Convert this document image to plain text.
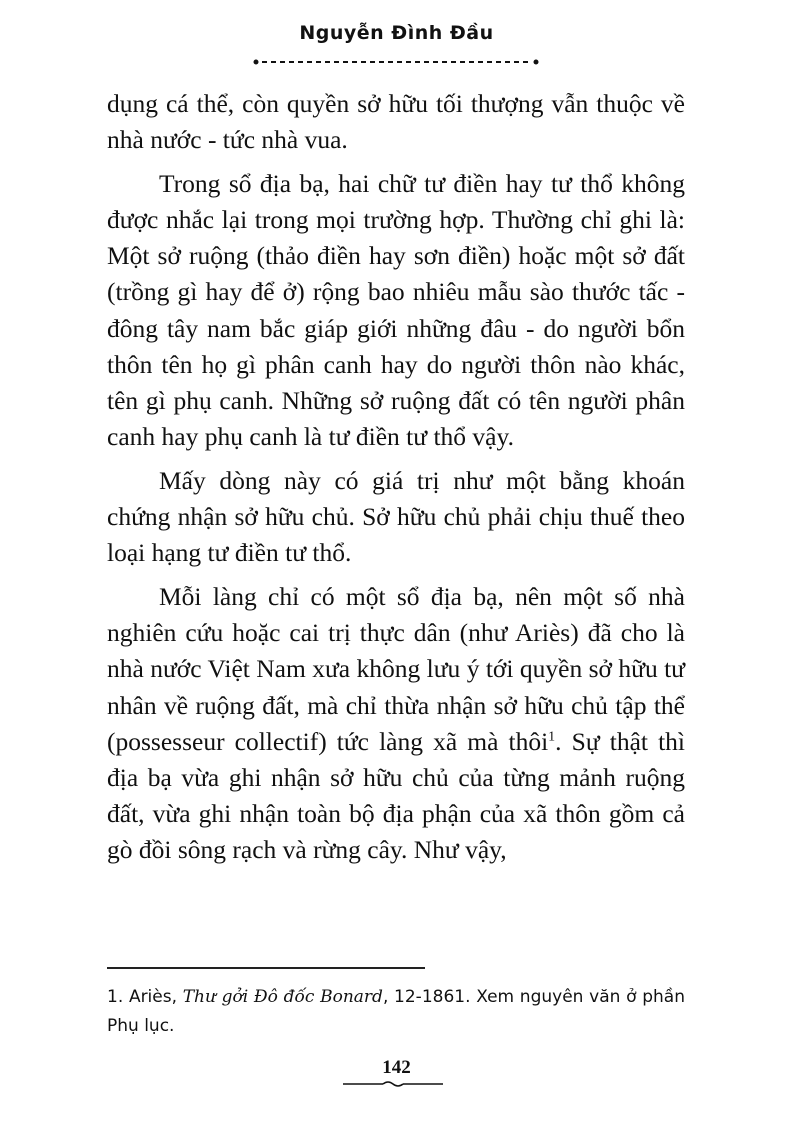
Nguyễn Đình Đầu

dụng cá thể, còn quyền sở hữu tối thượng vẫn thuộc về nhà nước - tức nhà vua.

Trong sổ địa bạ, hai chữ tư điền hay tư thổ không được nhắc lại trong mọi trường hợp. Thường chỉ ghi là: Một sở ruộng (thảo điền hay sơn điền) hoặc một sở đất (trồng gì hay để ở) rộng bao nhiêu mẫu sào thước tấc - đông tây nam bắc giáp giới những đâu - do người bổn thôn tên họ gì phân canh hay do người thôn nào khác, tên gì phụ canh. Những sở ruộng đất có tên người phân canh hay phụ canh là tư điền tư thổ vậy.

Mấy dòng này có giá trị như một bằng khoán chứng nhận sở hữu chủ. Sở hữu chủ phải chịu thuế theo loại hạng tư điền tư thổ.

Mỗi làng chỉ có một sổ địa bạ, nên một số nhà nghiên cứu hoặc cai trị thực dân (như Ariès) đã cho là nhà nước Việt Nam xưa không lưu ý tới quyền sở hữu tư nhân về ruộng đất, mà chỉ thừa nhận sở hữu chủ tập thể (possesseur collectif) tức làng xã mà thôi$^1$. Sự thật thì địa bạ vừa ghi nhận sở hữu chủ của từng mảnh ruộng đất, vừa ghi nhận toàn bộ địa phận của xã thôn gồm cả gò đồi sông rạch và rừng cây. Như vậy,

1. Ariès, Thư gởi Đô đốc Bonard, 12-1861. Xem nguyên văn ở phần Phụ lục.
142
